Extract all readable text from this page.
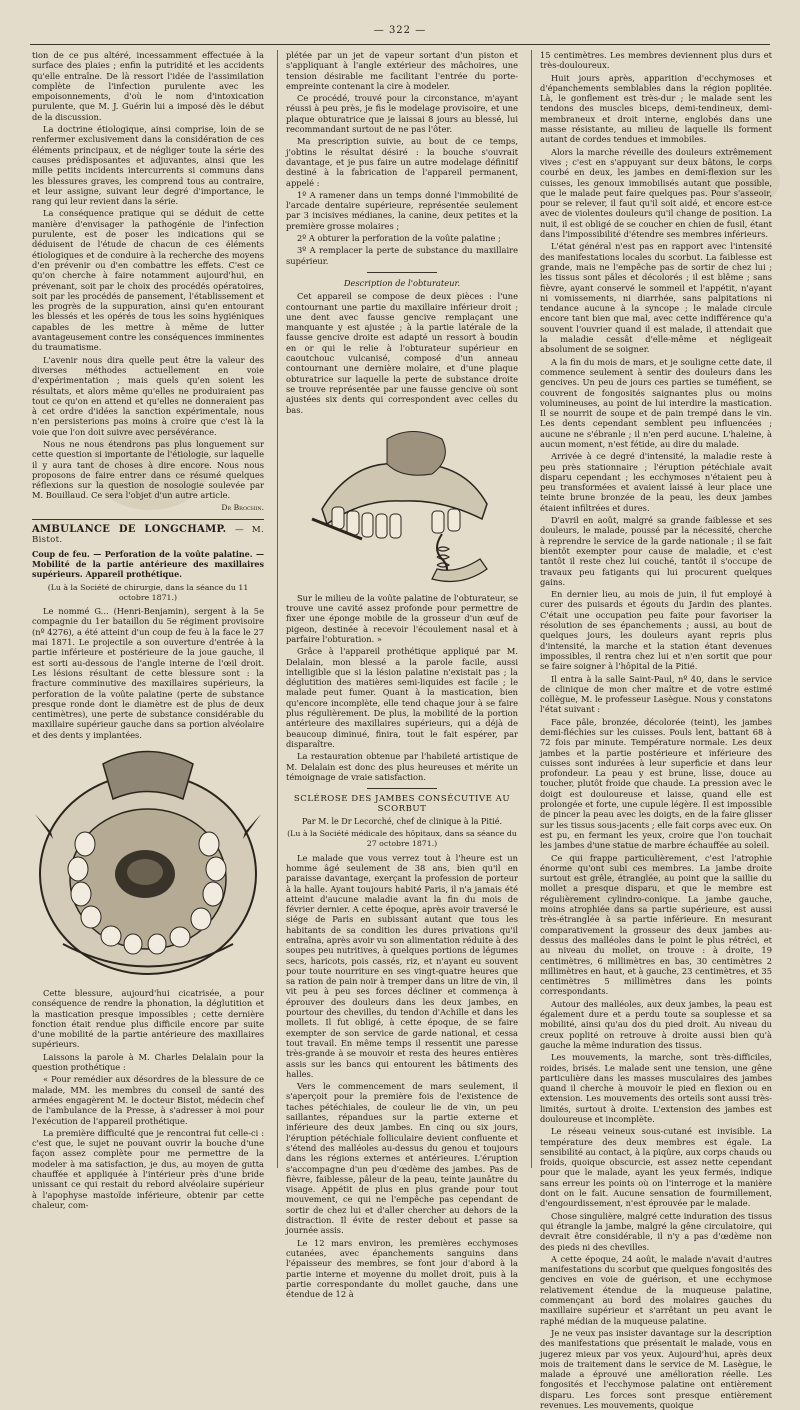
— 322 —

tion de ce pus altéré, incessamment effectuée à la surface des plaies ; enfin la putridité et les accidents qu'elle entraîne. De là ressort l'idée de l'assimilation complète de l'infection purulente avec les empoisonnements, d'où le nom d'intoxication purulente, que M. J. Guérin lui a imposé dès le début de la discussion.

La doctrine étiologique, ainsi comprise, loin de se renfermer exclusivement dans la considération de ces éléments principaux, et de négliger toute la série des causes prédisposantes et adjuvantes, ainsi que les mille petits incidents intercurrents si communs dans les blessures graves, les comprend tous au contraire, et leur assigne, suivant leur degré d'importance, le rang qui leur revient dans la série.

La conséquence pratique qui se déduit de cette manière d'envisager la pathogénie de l'infection purulente, est de poser les indications qui se déduisent de l'étude de chacun de ces éléments étiologiques et de conduire à la recherche des moyens d'en prévenir ou d'en combattre les effets. C'est ce qu'on cherche à faire notamment aujourd'hui, en prévenant, soit par le choix des procédés opératoires, soit par les procédés de pansement, l'établissement et les progrès de la suppuration, ainsi qu'en entourant les blessés et les opérés de tous les soins hygiéniques capables de les mettre à même de lutter avantageusement contre les conséquences imminentes du traumatisme.

L'avenir nous dira quelle peut être la valeur des diverses méthodes actuellement en voie d'expérimentation ; mais quels qu'en soient les résultats, et alors même qu'elles ne produiraient pas tout ce qu'on en attend et qu'elles ne donneraient pas à cet ordre d'idées la sanction expérimentale, nous n'en persisterions pas moins à croire que c'est là la voie que l'on doit suivre avec persévérance.

Nous ne nous étendrons pas plus longuement sur cette question si importante de l'étiologie, sur laquelle il y aura tant de choses à dire encore. Nous nous proposons de faire entrer dans ce résumé quelques réflexions sur la question de nosologie soulevée par M. Bouillaud. Ce sera l'objet d'un autre article.

Dr Brochin.

AMBULANCE DE LONGCHAMP. — M. Bistot.

Coup de feu. — Perforation de la voûte palatine. — Mobilité de la partie antérieure des maxillaires supérieurs. Appareil prothétique.

(Lu à la Société de chirurgie, dans la séance du 11 octobre 1871.)

Le nommé G... (Henri-Benjamin), sergent à la 5e compagnie du 1er bataillon du 5e régiment provisoire (nº 4276), a été atteint d'un coup de feu à la face le 27 mai 1871. Le projectile a son ouverture d'entrée à la partie inférieure et postérieure de la joue gauche, il est sorti au-dessous de l'angle interne de l'œil droit. Les lésions résultant de cette blessure sont : la fracture comminutive des maxillaires supérieurs, la perforation de la voûte palatine (perte de substance presque ronde dont le diamètre est de plus de deux centimètres), une perte de substance considérable du maxillaire supérieur gauche dans sa portion alvéolaire et des dents y implantées.

Cette blessure, aujourd'hui cicatrisée, a pour conséquence de rendre la phonation, la déglutition et la mastication presque impossibles ; cette dernière fonction était rendue plus difficile encore par suite d'une mobilité de la partie antérieure des maxillaires supérieurs.

Laissons la parole à M. Charles Delalain pour la question prothétique :

« Pour remédier aux désordres de la blessure de ce malade, MM. les membres du conseil de santé des armées engagèrent M. le docteur Bistot, médecin chef de l'ambulance de la Presse, à s'adresser à moi pour l'exécution de l'appareil prothétique.

La première difficulté que je rencontrai fut celle-ci : c'est que, le sujet ne pouvant ouvrir la bouche d'une façon assez complète pour me permettre de la modeler à ma satisfaction, je dus, au moyen de gutta chauffée et appliquée à l'intérieur près d'une bride unissant ce qui restait du rebord alvéolaire supérieur à l'apophyse mastoïde inférieure, obtenir par cette chaleur, com-

plétée par un jet de vapeur sortant d'un piston et s'appliquant à l'angle extérieur des mâchoires, une tension désirable me facilitant l'entrée du porte-empreinte contenant la cire à modeler.

Ce procédé, trouvé pour la circonstance, m'ayant réussi à peu près, je fis le modelage provisoire, et une plaque obturatrice que je laissai 8 jours au blessé, lui recommandant surtout de ne pas l'ôter.

Ma prescription suivie, au bout de ce temps, j'obtins le résultat désiré : la bouche s'ouvrait davantage, et je pus faire un autre modelage définitif destiné à la fabrication de l'appareil permanent, appelé :

1º A ramener dans un temps donné l'immobilité de l'arcade dentaire supérieure, représentée seulement par 3 incisives médianes, la canine, deux petites et la première grosse molaires ;

2º A obturer la perforation de la voûte palatine ;

3º A remplacer la perte de substance du maxillaire supérieur.

Description de l'obturateur.

Cet appareil se compose de deux pièces : l'une contournant une partie du maxillaire inférieur droit ; une dent avec fausse gencive remplaçant une manquante y est ajustée ; à la partie latérale de la fausse gencive droite est adapté un ressort à boudin en or qui le relie à l'obturateur supérieur en caoutchouc vulcanisé, composé d'un anneau contournant une dernière molaire, et d'une plaque obturatrice sur laquelle la perte de substance droite se trouve représentée par une fausse gencive où sont ajustées six dents qui correspondent avec celles du bas.

Sur le milieu de la voûte palatine de l'obturateur, se trouve une cavité assez profonde pour permettre de fixer une éponge mobile de la grosseur d'un œuf de pigeon, destinée à recevoir l'écoulement nasal et à parfaire l'obturation. »

Grâce à l'appareil prothétique appliqué par M. Delalain, mon blessé a la parole facile, aussi intelligible que si la lésion palatine n'existait pas ; la déglutition des matières semi-liquides est facile ; le malade peut fumer. Quant à la mastication, bien qu'encore incomplète, elle tend chaque jour à se faire plus régulièrement. De plus, la mobilité de la portion antérieure des maxillaires supérieurs, qui a déjà de beaucoup diminué, finira, tout le fait espérer, par disparaître.

La restauration obtenue par l'habileté artistique de M. Delalain est donc des plus heureuses et mérite un témoignage de vraie satisfaction.

SCLÉROSE DES JAMBES CONSÉCUTIVE AU SCORBUT

Par M. le Dr Lecorché, chef de clinique à la Pitié.

(Lu à la Société médicale des hôpitaux, dans sa séance du 27 octobre 1871.)

Le malade que vous verrez tout à l'heure est un homme âgé seulement de 38 ans, bien qu'il en paraisse davantage, exerçant la profession de porteur à la halle. Ayant toujours habité Paris, il n'a jamais été atteint d'aucune maladie avant la fin du mois de février dernier. A cette époque, après avoir traversé le siége de Paris en subissant autant que tous les habitants de sa condition les dures privations qu'il entraîna, après avoir vu son alimentation réduite à des soupes peu nutritives, à quelques portions de légumes secs, haricots, pois cassés, riz, et n'ayant eu souvent pour toute nourriture en ses vingt-quatre heures que sa ration de pain noir à tremper dans un litre de vin, il vit peu à peu ses forces décliner et commença à éprouver des douleurs dans les deux jambes, en pourtour des chevilles, du tendon d'Achille et dans les mollets. Il fut obligé, à cette époque, de se faire exempter de son service de garde national, et cessa tout travail. En même temps il ressentit une paresse très-grande à se mouvoir et resta des heures entières assis sur les bancs qui entourent les bâtiments des halles.

Vers le commencement de mars seulement, il s'aperçoit pour la première fois de l'existence de taches pétéchiales, de couleur lie de vin, un peu saillantes, répandues sur la partie externe et inférieure des deux jambes. En cinq ou six jours, l'éruption pétéchiale folliculaire devient confluente et s'étend des malléoles au-dessus du genou et toujours dans les régions externes et antérieures. L'éruption s'accompagne d'un peu d'œdème des jambes. Pas de fièvre, faiblesse, pâleur de la peau, teinte jaunâtre du visage. Appétit de plus en plus grande pour tout mouvement, ce qui ne l'empêche pas cependant de sortir de chez lui et d'aller chercher au dehors de la distraction. Il évite de rester debout et passe sa journée assis.

Le 12 mars environ, les premières ecchymoses cutanées, avec épanchements sanguins dans l'épaisseur des membres, se font jour d'abord à la partie interne et moyenne du mollet droit, puis à la partie correspondante du mollet gauche, dans une étendue de 12 à

15 centimètres. Les membres deviennent plus durs et très-douloureux.

Huit jours après, apparition d'ecchymoses et d'épanchements semblables dans la région poplitée. Là, le gonflement est très-dur ; le malade sent les tendons des muscles biceps, demi-tendineux, demi-membraneux et droit interne, englobés dans une masse résistante, au milieu de laquelle ils forment autant de cordes tendues et immobiles.

Alors la marche réveille des douleurs extrêmement vives ; c'est en s'appuyant sur deux bâtons, le corps courbé en deux, les jambes en demi-flexion sur les cuisses, les genoux immobilisés autant que possible, que le malade peut faire quelques pas. Pour s'asseoir, pour se relever, il faut qu'il soit aidé, et encore est-ce avec de violentes douleurs qu'il change de position. La nuit, il est obligé de se coucher en chien de fusil, étant dans l'impossibilité d'étendre ses membres inférieurs.

L'état général n'est pas en rapport avec l'intensité des manifestations locales du scorbut. La faiblesse est grande, mais ne l'empêche pas de sortir de chez lui ; les tissus sont pâles et décolorés ; il est blême ; sans fièvre, ayant conservé le sommeil et l'appétit, n'ayant ni vomissements, ni diarrhée, sans palpitations ni tendance aucune à la syncope ; le malade circule encore tant bien que mal, avec cette indifférence qu'a souvent l'ouvrier quand il est malade, il attendait que la maladie cessât d'elle-même et négligeait absolument de se soigner.

A la fin du mois de mars, et je souligne cette date, il commence seulement à sentir des douleurs dans les gencives. Un peu de jours ces parties se tuméfient, se couvrent de fongosités saignantes plus ou moins volumineuses, au point de lui interdire la mastication. Il se nourrit de soupe et de pain trempé dans le vin. Les dents cependant semblent peu influencées ; aucune ne s'ébranle ; il n'en perd aucune. L'haleine, à aucun moment, n'est fétide, au dire du malade.

Arrivée à ce degré d'intensité, la maladie reste à peu près stationnaire ; l'éruption pétéchiale avait disparu cependant ; les ecchymoses n'étaient peu à peu transformées et avaient laissé à leur place une teinte brune bronzée de la peau, les deux jambes étaient infiltrées et dures.

D'avril en août, malgré sa grande faiblesse et ses douleurs, le malade, poussé par la nécessité, cherche à reprendre le service de la garde nationale ; il se fait bientôt exempter pour cause de maladie, et c'est tantôt il reste chez lui couché, tantôt il s'occupe de travaux peu fatigants qui lui procurent quelques gains.

En dernier lieu, au mois de juin, il fut employé à curer des puisards et égouts du Jardin des plantes. C'était une occupation peu faite pour favoriser la résolution de ses épanchements ; aussi, au bout de quelques jours, les douleurs ayant repris plus d'intensité, la marche et la station étant devenues impossibles, il rentra chez lui et n'en sortit que pour se faire soigner à l'hôpital de la Pitié.

Il entra à la salle Saint-Paul, nº 40, dans le service de clinique de mon cher maître et de votre estimé collègue, M. le professeur Lasègue. Nous y constatons l'état suivant :

Face pâle, bronzée, décolorée (teint), les jambes demi-fléchies sur les cuisses. Pouls lent, battant 68 à 72 fois par minute. Température normale. Les deux jambes et la partie postérieure et inférieure des cuisses sont indurées à leur superficie et dans leur profondeur. La peau y est brune, lisse, douce au toucher, plutôt froide que chaude. La pression avec le doigt est douloureuse et laisse, quand elle est prolongée et forte, une cupule légère. Il est impossible de pincer la peau avec les doigts, en de la faire glisser sur les tissus sous-jacents ; elle fait corps avec eux. On est pu, en fermant les yeux, croire que l'on touchait les jambes d'une statue de marbre échauffée au soleil.

Ce qui frappe particulièrement, c'est l'atrophie énorme qu'ont subi ces membres. La jambe droite surtout est grêle, étranglée, au point que la saillie du mollet a presque disparu, et que le membre est régulièrement cylindro-conique. La jambe gauche, moins atrophiée dans sa partie supérieure, est aussi très-étranglée à sa partie inférieure. En mesurant comparativement la grosseur des deux jambes au-dessus des malléoles dans le point le plus rétréci, et au niveau du mollet, on trouve : à droite, 19 centimètres, 6 millimètres en bas, 30 centimètres 2 millimètres en haut, et à gauche, 23 centimètres, et 35 centimètres 5 millimètres dans les points correspondants.

Autour des malléoles, aux deux jambes, la peau est également dure et a perdu toute sa souplesse et sa mobilité, ainsi qu'au dos du pied droit. Au niveau du creux poplité on retrouve à droite aussi bien qu'à gauche la même induration des tissus.

Les mouvements, la marche, sont très-difficiles, roides, brisés. Le malade sent une tension, une gêne particulière dans les masses musculaires des jambes quand il cherche à mouvoir le pied en flexion ou en extension. Les mouvements des orteils sont aussi très-limités, surtout à droite. L'extension des jambes est douloureuse et incomplète.

Le réseau veineux sous-cutané est invisible. La température des deux membres est égale. La sensibilité au contact, à la piqûre, aux corps chauds ou froids, quoique obscurcie, est assez nette cependant pour que le malade, ayant les yeux fermés, indique sans erreur les points où on l'interroge et la manière dont on le fait. Aucune sensation de fourmillement, d'engourdissement, n'est éprouvée par le malade.

Chose singulière, malgré cette induration des tissus qui étrangle la jambe, malgré la gêne circulatoire, qui devrait être considérable, il n'y a pas d'œdème non des pieds ni des chevilles.

A cette époque, 24 août, le malade n'avait d'autres manifestations du scorbut que quelques fongosités des gencives en voie de guérison, et une ecchymose relativement étendue de la muqueuse palatine, commençant au bord des molaires gauches du maxillaire supérieur et s'arrêtant un peu avant le raphé médian de la muqueuse palatine.

Je ne veux pas insister davantage sur la description des manifestations que présentait le malade, vous en jugerez mieux par vos yeux. Aujourd'hui, après deux mois de traitement dans le service de M. Lasègue, le malade a éprouvé une amélioration réelle. Les fongosités et l'ecchymose palatine ont entièrement disparu. Les forces sont presque entièrement revenues. Les mouvements, quoique
